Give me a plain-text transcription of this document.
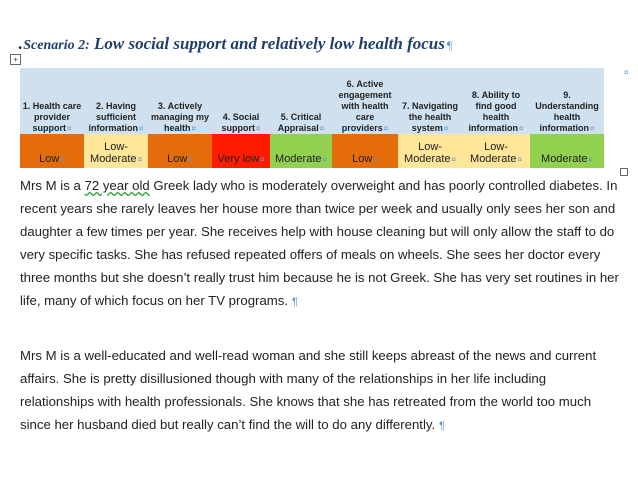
.Scenario 2: Low social support and relatively low health focus ¶
+
¤
1. Health care provider support¤	2. Having sufficient information¤	3. Actively managing my health¤	4. Social support¤	5. Critical Appraisal¤	6. Active engagement with health care providers¤	7. Navigating the health system¤	8. Ability to find good health information¤	9. Understanding health information¤
Low¤	Low-Moderate¤	Low¤	Very low¤	Moderate¤	Low¤	Low-Moderate¤	Low-Moderate¤	Moderate¤
Mrs M is a 72 year old Greek lady who is moderately overweight and has poorly controlled diabetes. In recent years she rarely leaves her house more than twice per week and usually only sees her son and daughter a few times per year. She receives help with house cleaning but will only allow the staff to do very specific tasks. She has refused repeated offers of meals on wheels. She sees her doctor every three months but she doesn’t really trust him because he is not Greek. She has very set routines in her life, many of which focus on her TV programs. ¶
Mrs M is a well-educated and well-read woman and she still keeps abreast of the news and current affairs. She is pretty disillusioned though with many of the relationships in her life including relationships with health professionals. She knows that she has retreated from the world too much since her husband died but really can’t find the will to do any differently. ¶
